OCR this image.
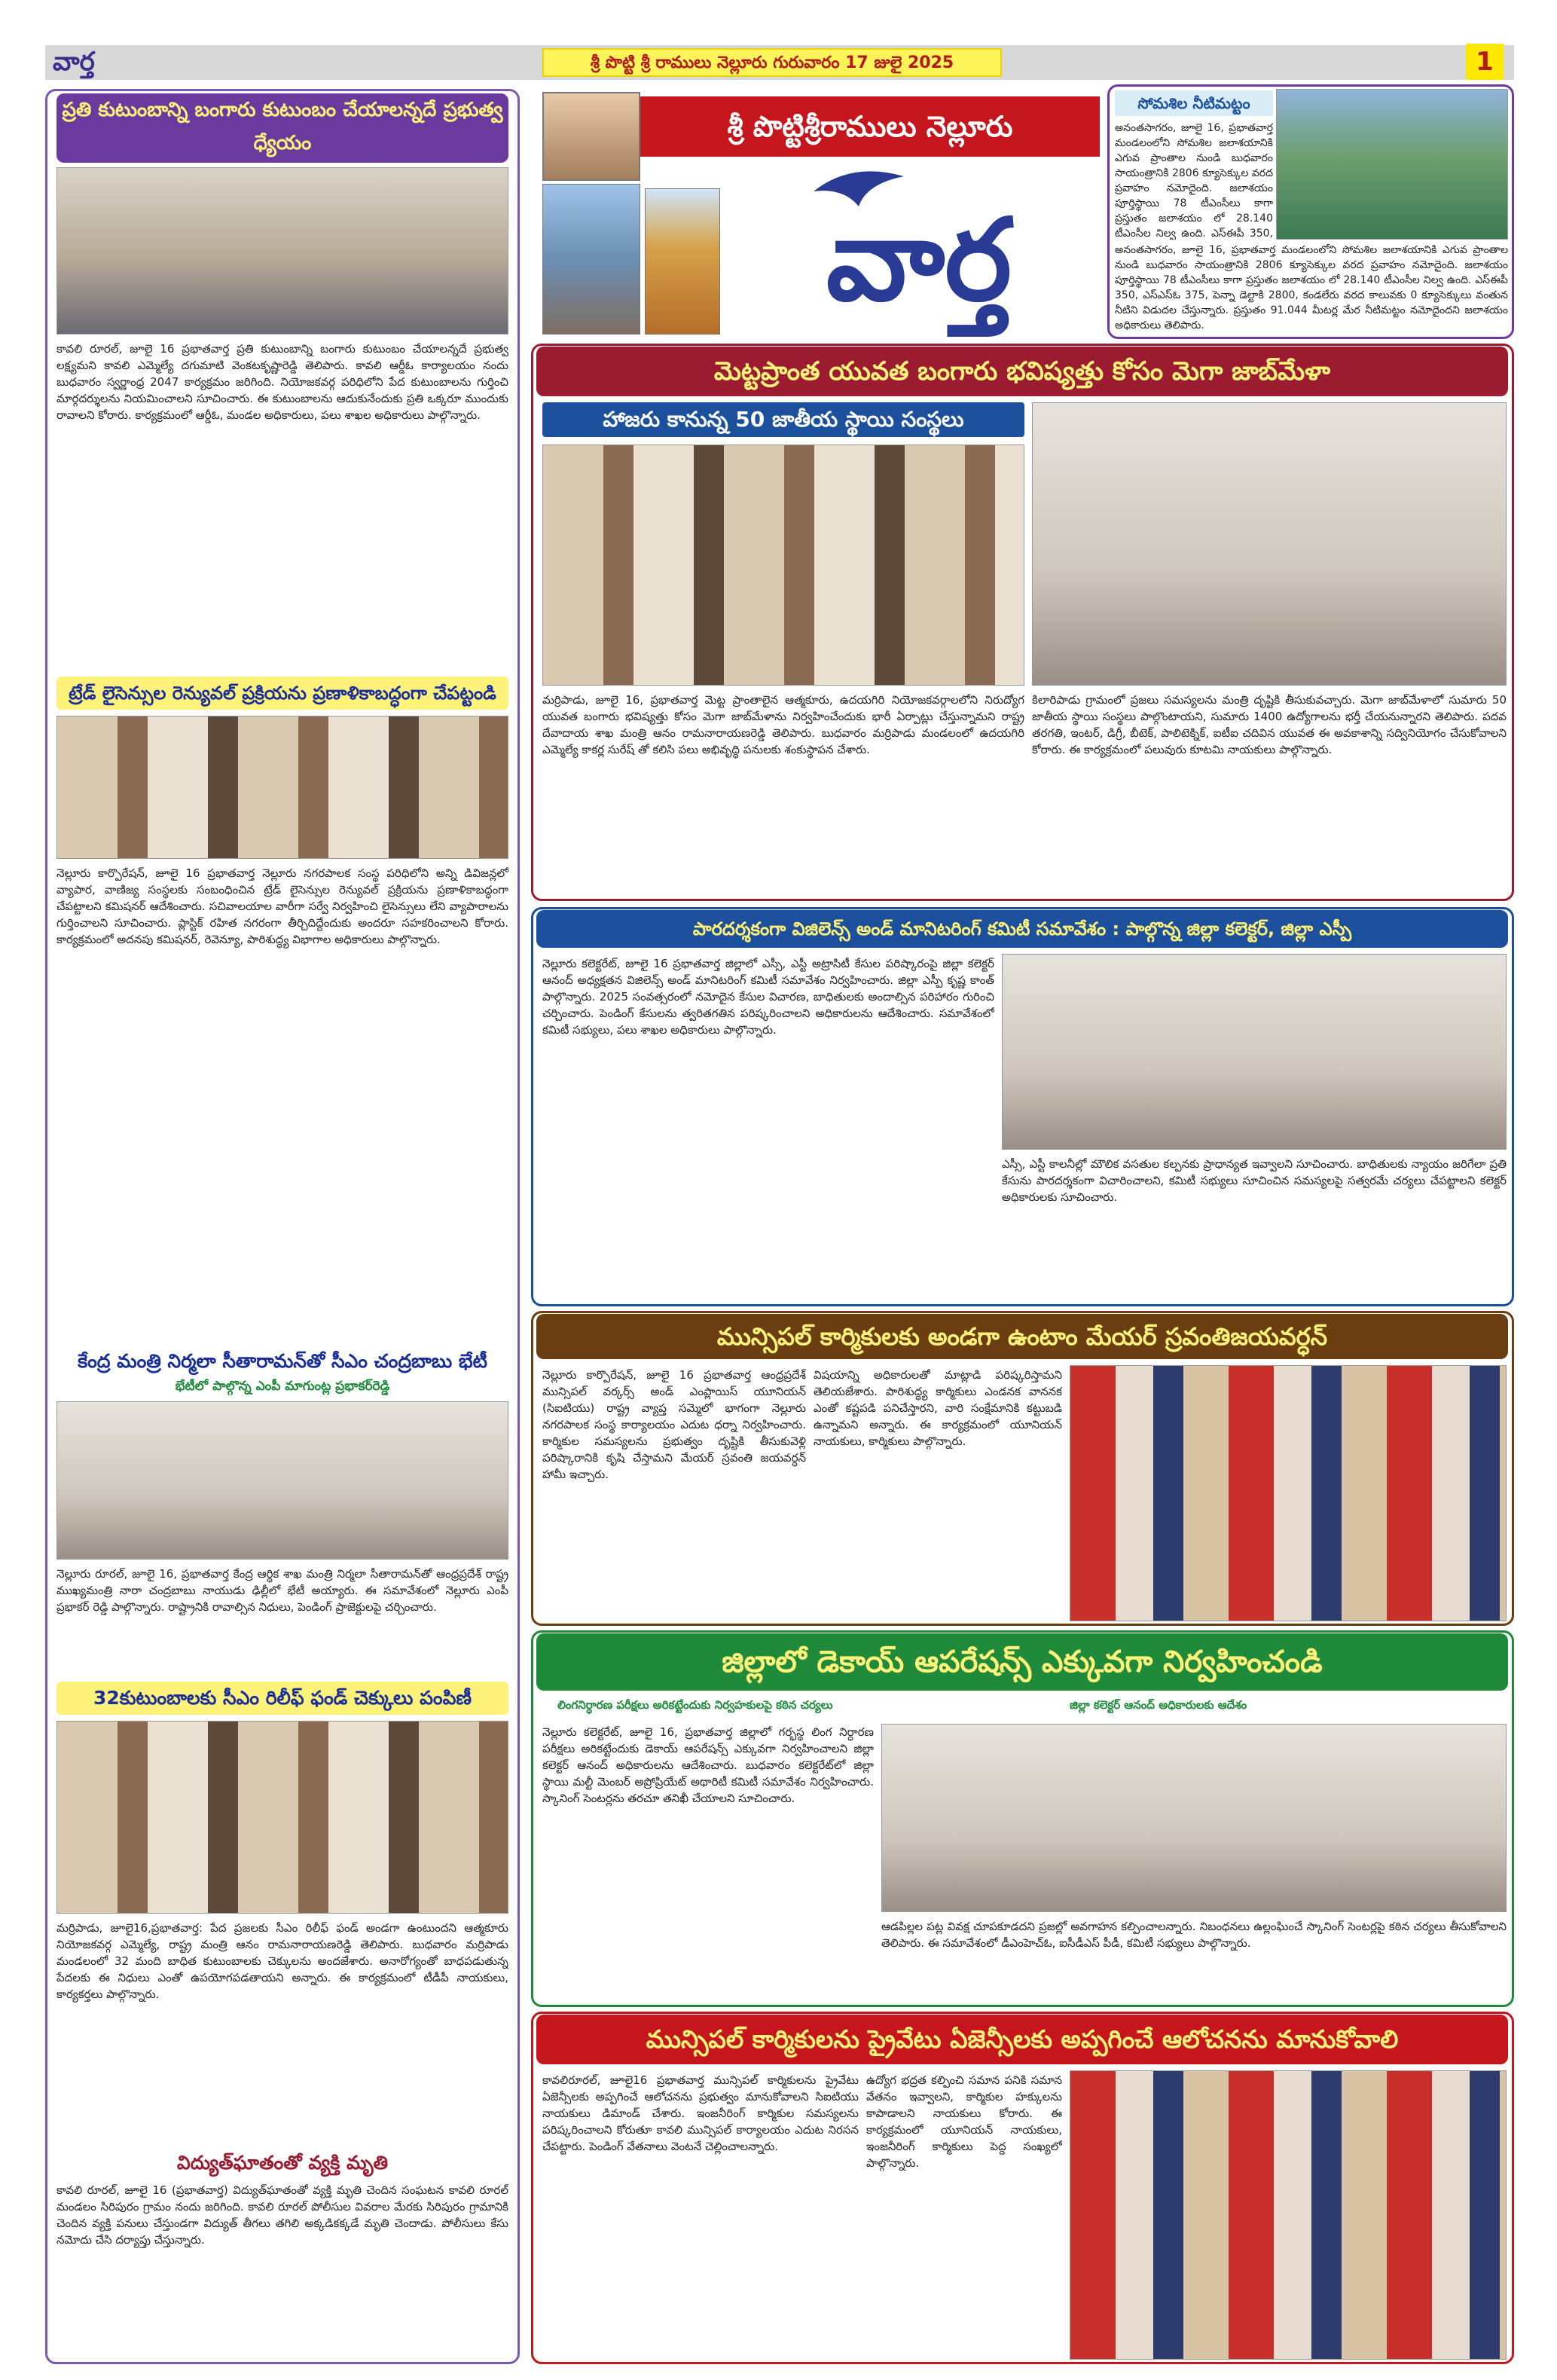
వార్త	శ్రీ పొట్టి శ్రీ రాములు నెల్లూరు గురువారం 17 జులై 2025	1
ప్రతి కుటుంబాన్ని బంగారు కుటుంబం చేయాలన్నదే ప్రభుత్వ ధ్యేయం
కావలి రూరల్, జూలై 16 ప్రభాతవార్త ప్రతి కుటుంబాన్ని బంగారు కుటుంబం చేయాలన్నదే ప్రభుత్వ లక్ష్యమని కావలి ఎమ్మెల్యే దగుమాటి వెంకటకృష్ణారెడ్డి తెలిపారు. కావలి ఆర్డీఓ కార్యాలయం నందు బుధవారం స్వర్ణాంధ్ర 2047 కార్యక్రమం జరిగింది. నియోజకవర్గ పరిధిలోని పేద కుటుంబాలను గుర్తించి మార్గదర్శులను నియమించాలని సూచించారు. ఈ కుటుంబాలను ఆదుకునేందుకు ప్రతి ఒక్కరూ ముందుకు రావాలని కోరారు. కార్యక్రమంలో ఆర్డీఓ, మండల అధికారులు, పలు శాఖల అధికారులు పాల్గొన్నారు.
ట్రేడ్ లైసెన్సుల రెన్యువల్ ప్రక్రియను ప్రణాళికాబద్ధంగా చేపట్టండి
నెల్లూరు కార్పొరేషన్, జూలై 16 ప్రభాతవార్త నెల్లూరు నగరపాలక సంస్థ పరిధిలోని అన్ని డివిజన్లలో వ్యాపార, వాణిజ్య సంస్థలకు సంబంధించిన ట్రేడ్ లైసెన్సుల రెన్యువల్ ప్రక్రియను ప్రణాళికాబద్ధంగా చేపట్టాలని కమిషనర్ ఆదేశించారు. సచివాలయాల వారీగా సర్వే నిర్వహించి లైసెన్సులు లేని వ్యాపారాలను గుర్తించాలని సూచించారు. ప్లాస్టిక్ రహిత నగరంగా తీర్చిదిద్దేందుకు అందరూ సహకరించాలని కోరారు. కార్యక్రమంలో అదనపు కమిషనర్, రెవెన్యూ, పారిశుద్ధ్య విభాగాల అధికారులు పాల్గొన్నారు.
కేంద్ర మంత్రి నిర్మలా సీతారామన్‌తో సీఎం చంద్రబాబు భేటీ
భేటీలో పాల్గొన్న ఎంపీ మాగుంట్ల ప్రభాకర్‌రెడ్డి
నెల్లూరు రూరల్, జూలై 16, ప్రభాతవార్త కేంద్ర ఆర్థిక శాఖ మంత్రి నిర్మలా సీతారామన్‌తో ఆంధ్రప్రదేశ్ రాష్ట్ర ముఖ్యమంత్రి నారా చంద్రబాబు నాయుడు ఢిల్లీలో భేటీ అయ్యారు. ఈ సమావేశంలో నెల్లూరు ఎంపీ ప్రభాకర్ రెడ్డి పాల్గొన్నారు. రాష్ట్రానికి రావాల్సిన నిధులు, పెండింగ్ ప్రాజెక్టులపై చర్చించారు.
32కుటుంబాలకు సీఎం రిలీఫ్ ఫండ్ చెక్కులు పంపిణీ
మర్రిపాడు, జూలై16,ప్రభాతవార్త: పేద ప్రజలకు సీఎం రిలీఫ్ ఫండ్ అండగా ఉంటుందని ఆత్మకూరు నియోజకవర్గ ఎమ్మెల్యే, రాష్ట్ర మంత్రి ఆనం రామనారాయణరెడ్డి తెలిపారు. బుధవారం మర్రిపాడు మండలంలో 32 మంది బాధిత కుటుంబాలకు చెక్కులను అందజేశారు. అనారోగ్యంతో బాధపడుతున్న పేదలకు ఈ నిధులు ఎంతో ఉపయోగపడతాయని అన్నారు. ఈ కార్యక్రమంలో టీడీపీ నాయకులు, కార్యకర్తలు పాల్గొన్నారు.
విద్యుత్‌ఘాతంతో వ్యక్తి మృతి
కావలి రూరల్, జూలై 16 (ప్రభాతవార్త) విద్యుత్‌ఘాతంతో వ్యక్తి మృతి చెందిన సంఘటన కావలి రూరల్ మండలం సిరిపురం గ్రామం నందు జరిగింది. కావలి రూరల్ పోలీసుల వివరాల మేరకు సిరిపురం గ్రామానికి చెందిన వ్యక్తి పనులు చేస్తుండగా విద్యుత్ తీగలు తగిలి అక్కడికక్కడే మృతి చెందాడు. పోలీసులు కేసు నమోదు చేసి దర్యాప్తు చేస్తున్నారు.
శ్రీ పొట్టిశ్రీరాములు నెల్లూరు
వార్త
సోమశిల నీటిమట్టం
అనంతసాగరం, జూలై 16, ప్రభాతవార్త మండలంలోని సోమశిల జలాశయానికి ఎగువ ప్రాంతాల నుండి బుధవారం సాయంత్రానికి 2806 క్యూసెక్కుల వరద ప్రవాహం నమోదైంది. జలాశయం పూర్తిస్థాయి 78 టీఎంసీలు కాగా ప్రస్తుతం జలాశయం లో 28.140 టీఎంసీల నిల్వ ఉంది. ఎస్ఈపీ 350,
అనంతసాగరం, జూలై 16, ప్రభాతవార్త మండలంలోని సోమశిల జలాశయానికి ఎగువ ప్రాంతాల నుండి బుధవారం సాయంత్రానికి 2806 క్యూసెక్కుల వరద ప్రవాహం నమోదైంది. జలాశయం పూర్తిస్థాయి 78 టీఎంసీలు కాగా ప్రస్తుతం జలాశయం లో 28.140 టీఎంసీల నిల్వ ఉంది. ఎస్ఈపీ 350, ఎస్ఎస్ఓ 375, పెన్నా డెల్టాకి 2800, కండలేరు వరద కాలువకు 0 క్యూసెక్కులు వంతున నీటిని విడుదల చేస్తున్నారు. ప్రస్తుతం 91.044 మీటర్ల మేర నీటిమట్టం నమోదైందని జలాశయం అధికారులు తెలిపారు.
మెట్టప్రాంత యువత బంగారు భవిష్యత్తు కోసం మెగా జాబ్‌మేళా
హాజరు కానున్న 50 జాతీయ స్థాయి సంస్థలు
మర్రిపాడు, జూలై 16, ప్రభాతవార్త మెట్ట ప్రాంతాలైన ఆత్మకూరు, ఉదయగిరి నియోజకవర్గాలలోని నిరుద్యోగ యువత బంగారు భవిష్యత్తు కోసం మెగా జాబ్‌మేళాను నిర్వహించేందుకు భారీ ఏర్పాట్లు చేస్తున్నామని రాష్ట్ర దేవాదాయ శాఖ మంత్రి ఆనం రామనారాయణరెడ్డి తెలిపారు. బుధవారం మర్రిపాడు మండలంలో ఉదయగిరి ఎమ్మెల్యే కాకర్ల సురేష్ తో కలిసి పలు అభివృద్ధి పనులకు శంకుస్థాపన చేశారు.
కిలారిపాడు గ్రామంలో ప్రజలు సమస్యలను మంత్రి దృష్టికి తీసుకువచ్చారు. మెగా జాబ్‌మేళాలో సుమారు 50 జాతీయ స్థాయి సంస్థలు పాల్గొంటాయని, సుమారు 1400 ఉద్యోగాలను భర్తీ చేయనున్నారని తెలిపారు. పదవ తరగతి, ఇంటర్, డిగ్రీ, బీటెక్, పాలిటెక్నిక్, ఐటీఐ చదివిన యువత ఈ అవకాశాన్ని సద్వినియోగం చేసుకోవాలని కోరారు. ఈ కార్యక్రమంలో పలువురు కూటమి నాయకులు పాల్గొన్నారు.
పారదర్శకంగా విజిలెన్స్ అండ్ మానిటరింగ్ కమిటీ సమావేశం : పాల్గొన్న జిల్లా కలెక్టర్, జిల్లా ఎస్పీ
నెల్లూరు కలెక్టరేట్, జూలై 16 ప్రభాతవార్త జిల్లాలో ఎస్సీ, ఎస్టీ అట్రాసిటీ కేసుల పరిష్కారంపై జిల్లా కలెక్టర్ ఆనంద్ అధ్యక్షతన విజిలెన్స్ అండ్ మానిటరింగ్ కమిటీ సమావేశం నిర్వహించారు. జిల్లా ఎస్పీ కృష్ణ కాంత్ పాల్గొన్నారు. 2025 సంవత్సరంలో నమోదైన కేసుల విచారణ, బాధితులకు అందాల్సిన పరిహారం గురించి చర్చించారు. పెండింగ్ కేసులను త్వరితగతిన పరిష్కరించాలని అధికారులను ఆదేశించారు. సమావేశంలో కమిటీ సభ్యులు, పలు శాఖల అధికారులు పాల్గొన్నారు.
ఎస్సీ, ఎస్టీ కాలనీల్లో మౌలిక వసతుల కల్పనకు ప్రాధాన్యత ఇవ్వాలని సూచించారు. బాధితులకు న్యాయం జరిగేలా ప్రతి కేసును పారదర్శకంగా విచారించాలని, కమిటీ సభ్యులు సూచించిన సమస్యలపై సత్వరమే చర్యలు చేపట్టాలని కలెక్టర్ అధికారులకు సూచించారు.
మున్సిపల్ కార్మికులకు అండగా ఉంటాం మేయర్ స్రవంతిజయవర్ధన్
నెల్లూరు కార్పొరేషన్, జూలై 16 ప్రభాతవార్త ఆంధ్రప్రదేశ్ మున్సిపల్ వర్కర్స్ అండ్ ఎంప్లాయిస్ యూనియన్ (సిఐటియు) రాష్ట్ర వ్యాప్త సమ్మెలో భాగంగా నెల్లూరు నగరపాలక సంస్థ కార్యాలయం ఎదుట ధర్నా నిర్వహించారు. కార్మికుల సమస్యలను ప్రభుత్వం దృష్టికి తీసుకువెళ్లి పరిష్కారానికి కృషి చేస్తామని మేయర్ స్రవంతి జయవర్ధన్ హామీ ఇచ్చారు.
విషయాన్ని అధికారులతో మాట్లాడి పరిష్కరిస్తామని తెలియజేశారు. పారిశుద్ధ్య కార్మికులు ఎండనక వాననక ఎంతో కష్టపడి పనిచేస్తారని, వారి సంక్షేమానికి కట్టుబడి ఉన్నామని అన్నారు. ఈ కార్యక్రమంలో యూనియన్ నాయకులు, కార్మికులు పాల్గొన్నారు.
జిల్లాలో డెకాయ్ ఆపరేషన్స్ ఎక్కువగా నిర్వహించండి
లింగనిర్ధారణ పరీక్షలు అరికట్టేందుకు నిర్వహకులపై కఠిన చర్యలు	జిల్లా కలెక్టర్ ఆనంద్ అధికారులకు ఆదేశం
నెల్లూరు కలెక్టరేట్, జూలై 16, ప్రభాతవార్త జిల్లాలో గర్భస్థ లింగ నిర్ధారణ పరీక్షలు అరికట్టేందుకు డెకాయ్ ఆపరేషన్స్ ఎక్కువగా నిర్వహించాలని జిల్లా కలెక్టర్ ఆనంద్ అధికారులను ఆదేశించారు. బుధవారం కలెక్టరేట్‌లో జిల్లా స్థాయి మల్టీ మెంబర్ అప్రోప్రియేట్ అథారిటీ కమిటీ సమావేశం నిర్వహించారు. స్కానింగ్ సెంటర్లను తరచూ తనిఖీ చేయాలని సూచించారు.
ఆడపిల్లల పట్ల వివక్ష చూపకూడదని ప్రజల్లో అవగాహన కల్పించాలన్నారు. నిబంధనలు ఉల్లంఘించే స్కానింగ్ సెంటర్లపై కఠిన చర్యలు తీసుకోవాలని తెలిపారు. ఈ సమావేశంలో డీఎంహెచ్ఓ, ఐసీడీఎస్ పీడీ, కమిటీ సభ్యులు పాల్గొన్నారు.
మున్సిపల్ కార్మికులను ప్రైవేటు ఏజెన్సీలకు అప్పగించే ఆలోచనను మానుకోవాలి
కావలిరూరల్, జూలై16 ప్రభాతవార్త మున్సిపల్ కార్మికులను ప్రైవేటు ఏజెన్సీలకు అప్పగించే ఆలోచనను ప్రభుత్వం మానుకోవాలని సిఐటియు నాయకులు డిమాండ్ చేశారు. ఇంజనీరింగ్ కార్మికుల సమస్యలను పరిష్కరించాలని కోరుతూ కావలి మున్సిపల్ కార్యాలయం ఎదుట నిరసన చేపట్టారు. పెండింగ్ వేతనాలు వెంటనే చెల్లించాలన్నారు.
ఉద్యోగ భద్రత కల్పించి సమాన పనికి సమాన వేతనం ఇవ్వాలని, కార్మికుల హక్కులను కాపాడాలని నాయకులు కోరారు. ఈ కార్యక్రమంలో యూనియన్ నాయకులు, ఇంజనీరింగ్ కార్మికులు పెద్ద సంఖ్యలో పాల్గొన్నారు.
